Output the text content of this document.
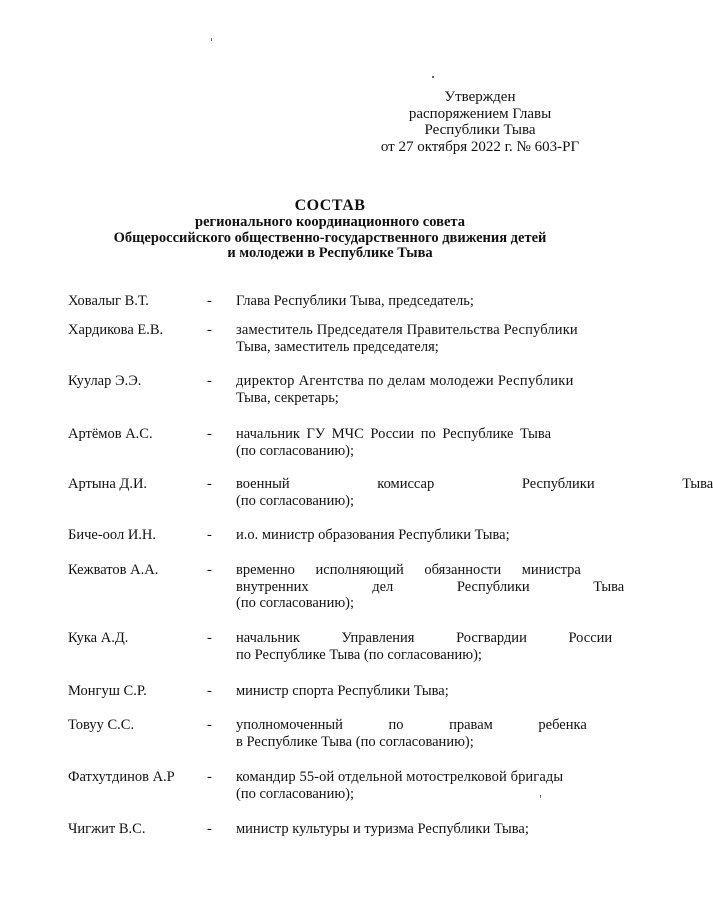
Утвержден
распоряжением Главы
Республики Тыва
от 27 октября 2022 г. № 603-РГ
СОСТАВ
регионального координационного совета
Общероссийского общественно-государственного движения детей
и молодежи в Республике Тыва
Ховалыг В.Т.	- Глава Республики Тыва, председатель;
Хардикова Е.В.	- заместитель Председателя Правительства Республики
Тыва, заместитель председателя;
Куулар Э.Э.	- директор Агентства по делам молодежи Республики
Тыва, секретарь;
Артёмов А.С.	- начальник ГУ МЧС России по Республике Тыва
(по согласованию);
Артына Д.И.	- военный комиссар Республики Тыва
(по согласованию);
Биче-оол И.Н.	- и.о. министр образования Республики Тыва;
Кежватов А.А.	- временно исполняющий обязанности министра
внутренних дел Республики Тыва
(по согласованию);
Кука А.Д.	- начальник Управления Росгвардии России
по Республике Тыва (по согласованию);
Монгуш С.Р.	- министр спорта Республики Тыва;
Товуу С.С.	- уполномоченный по правам ребенка
в Республике Тыва (по согласованию);
Фатхутдинов А.Р - командир 55-ой отдельной мотострелковой бригады
(по согласованию);
Чигжит В.С.	- министр культуры и туризма Республики Тыва;
